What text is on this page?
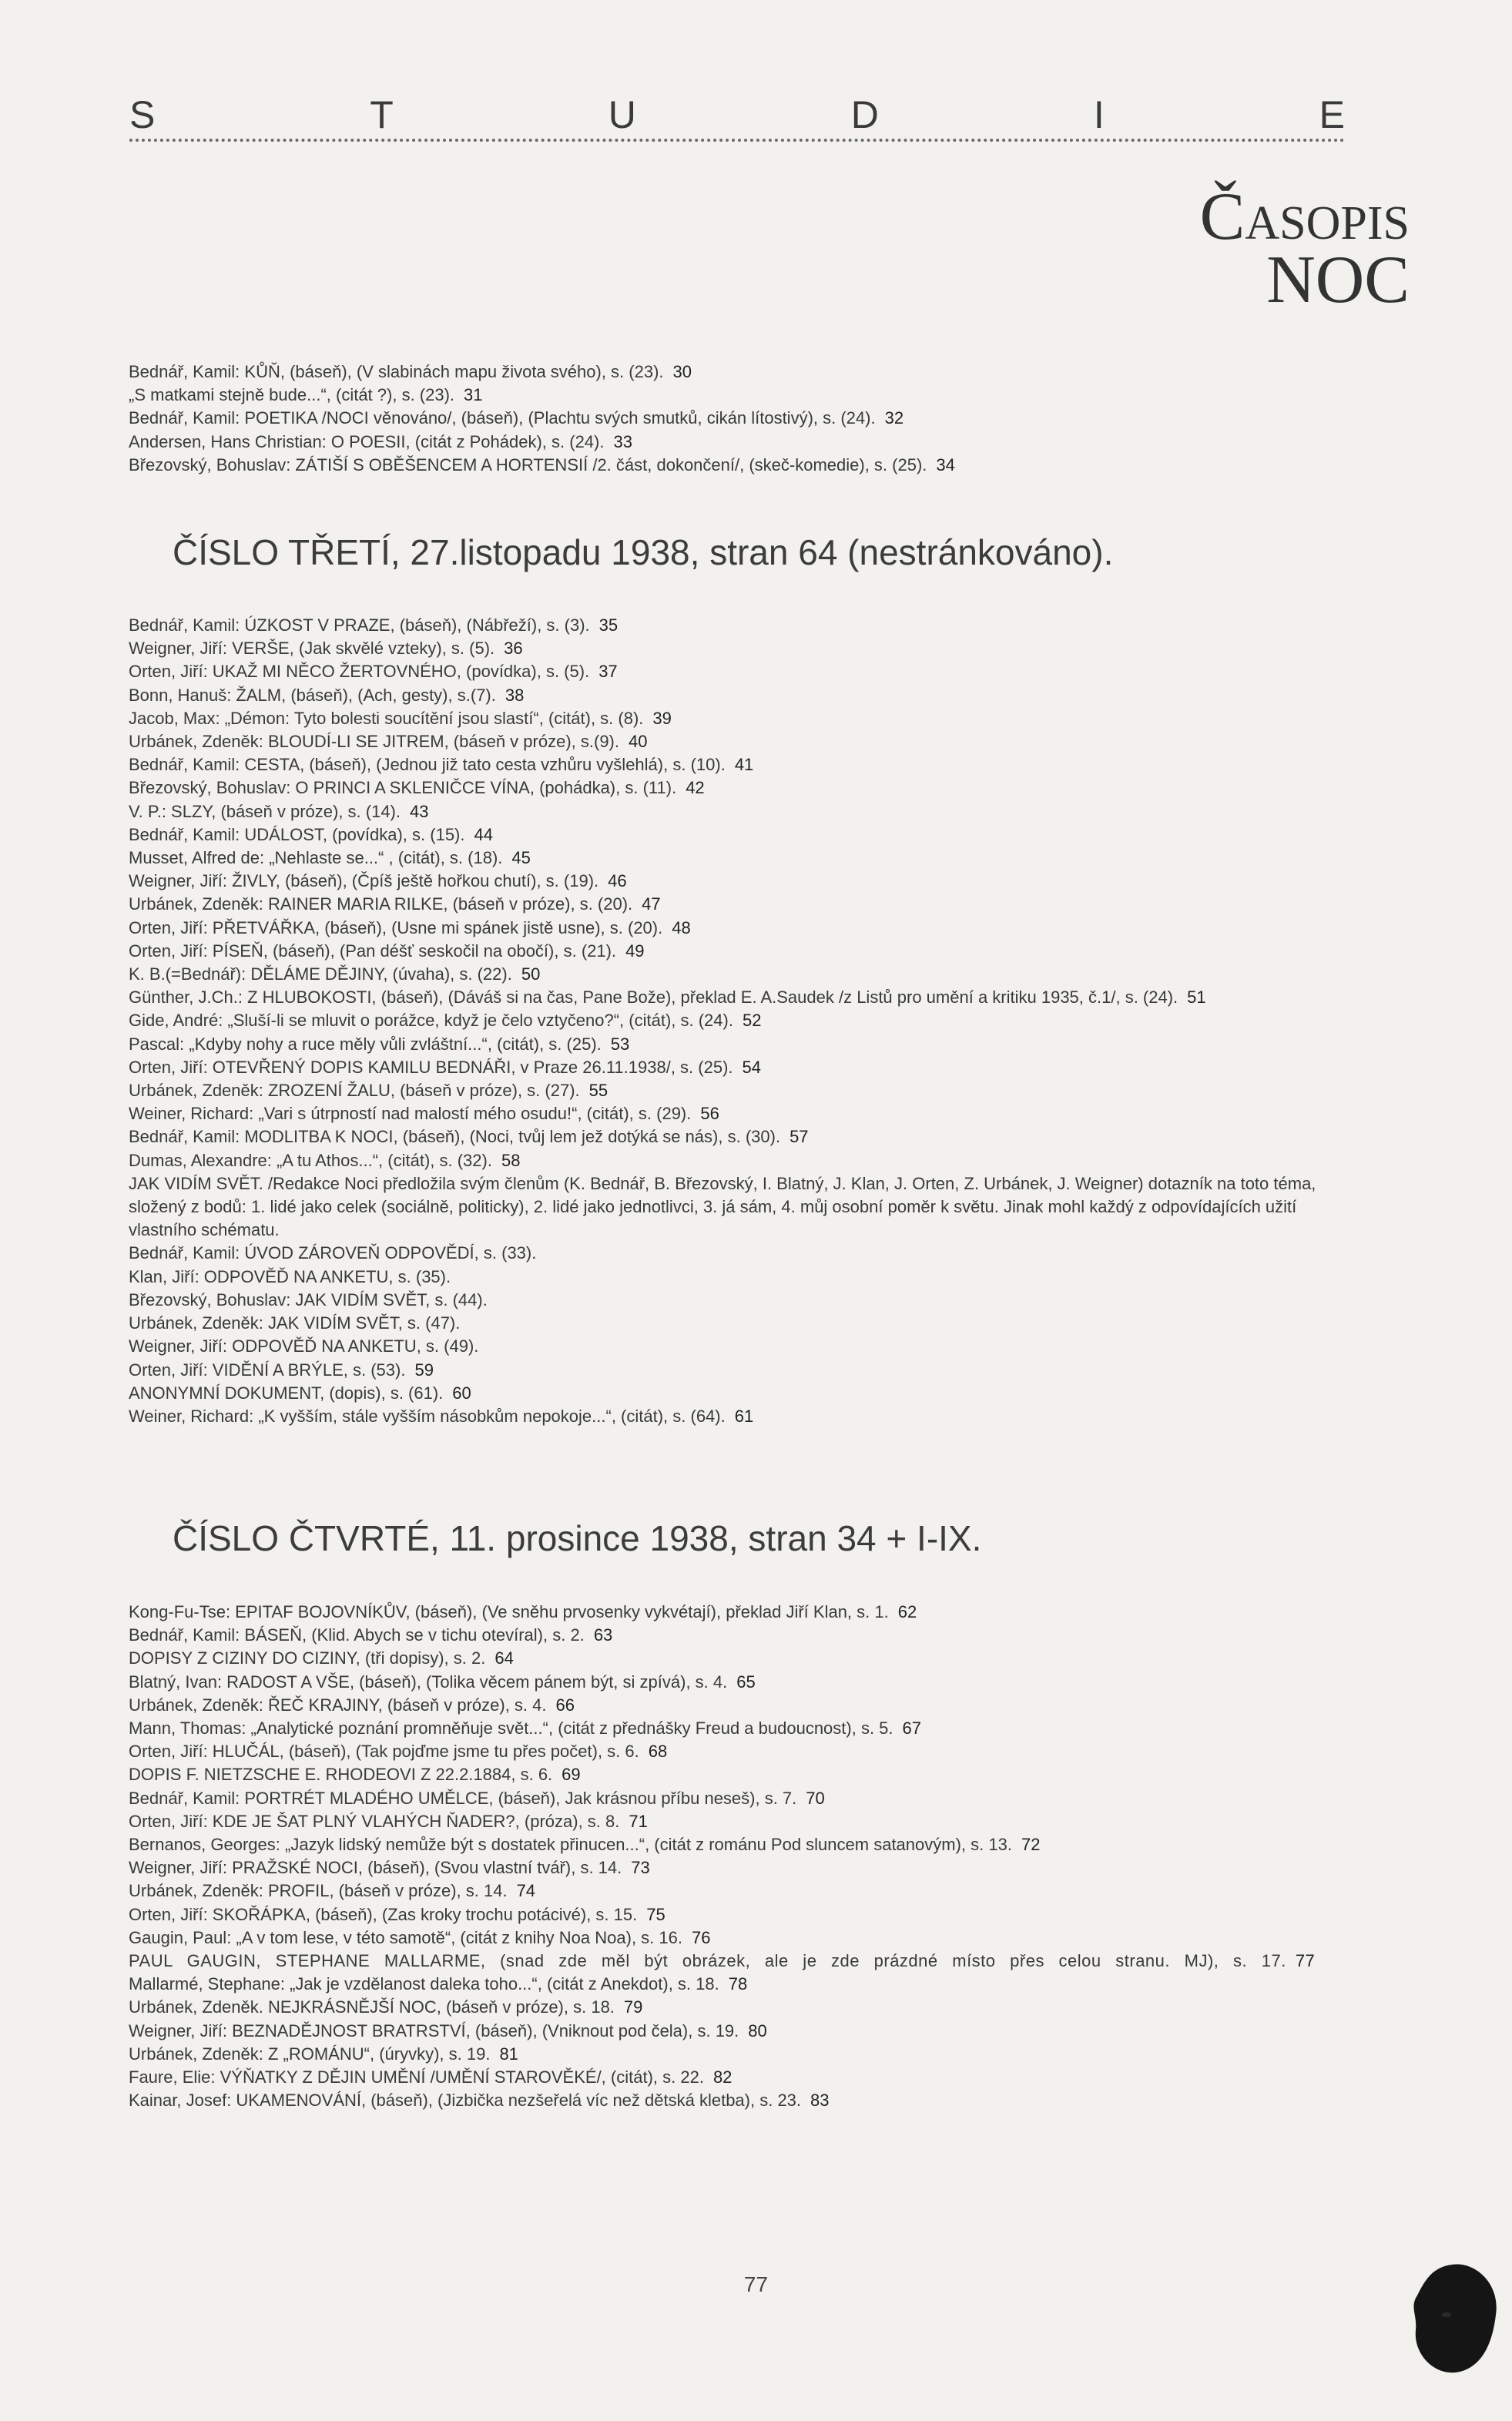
S	T	U	D	I	E
Časopis
NOC
Bednář, Kamil: KŮŇ, (báseň), (V slabinách mapu života svého), s. (23). 30
„S matkami stejně bude...“, (citát ?), s. (23). 31
Bednář, Kamil: POETIKA /NOCI věnováno/, (báseň), (Plachtu svých smutků, cikán lítostivý), s. (24). 32
Andersen, Hans Christian: O POESII, (citát z Pohádek), s. (24). 33
Březovský, Bohuslav: ZÁTIŠÍ S OBĚŠENCEM A HORTENSIÍ /2. část, dokončení/, (skeč-komedie), s. (25). 34
ČÍSLO TŘETÍ, 27.listopadu 1938, stran 64 (nestránkováno).
Bednář, Kamil: ÚZKOST V PRAZE, (báseň), (Nábřeží), s. (3). 35
Weigner, Jiří: VERŠE, (Jak skvělé vzteky), s. (5). 36
Orten, Jiří: UKAŽ MI NĚCO ŽERTOVNÉHO, (povídka), s. (5). 37
Bonn, Hanuš: ŽALM, (báseň), (Ach, gesty), s.(7). 38
Jacob, Max: „Démon: Tyto bolesti soucítění jsou slastí“, (citát), s. (8). 39
Urbánek, Zdeněk: BLOUDÍ-LI SE JITREM, (báseň v próze), s.(9). 40
Bednář, Kamil: CESTA, (báseň), (Jednou již tato cesta vzhůru vyšlehlá), s. (10). 41
Březovský, Bohuslav: O PRINCI A SKLENIČCE VÍNA, (pohádka), s. (11). 42
V. P.: SLZY, (báseň v próze), s. (14). 43
Bednář, Kamil: UDÁLOST, (povídka), s. (15). 44
Musset, Alfred de: „Nehlaste se...“ , (citát), s. (18). 45
Weigner, Jiří: ŽIVLY, (báseň), (Čpíš ještě hořkou chutí), s. (19). 46
Urbánek, Zdeněk: RAINER MARIA RILKE, (báseň v próze), s. (20). 47
Orten, Jiří: PŘETVÁŘKA, (báseň), (Usne mi spánek jistě usne), s. (20). 48
Orten, Jiří: PÍSEŇ, (báseň), (Pan déšť seskočil na obočí), s. (21). 49
K. B.(=Bednář): DĚLÁME DĚJINY, (úvaha), s. (22). 50
Günther, J.Ch.: Z HLUBOKOSTI, (báseň), (Dáváš si na čas, Pane Bože), překlad E. A.Saudek /z Listů pro umění a kritiku 1935, č.1/, s. (24). 51
Gide, André: „Sluší-li se mluvit o porážce, když je čelo vztyčeno?“, (citát), s. (24). 52
Pascal: „Kdyby nohy a ruce měly vůli zvláštní...“, (citát), s. (25). 53
Orten, Jiří: OTEVŘENÝ DOPIS KAMILU BEDNÁŘI, v Praze 26.11.1938/, s. (25). 54
Urbánek, Zdeněk: ZROZENÍ ŽALU, (báseň v próze), s. (27). 55
Weiner, Richard: „Vari s útrpností nad malostí mého osudu!“, (citát), s. (29). 56
Bednář, Kamil: MODLITBA K NOCI, (báseň), (Noci, tvůj lem jež dotýká se nás), s. (30). 57
Dumas, Alexandre: „A tu Athos...“, (citát), s. (32). 58
JAK VIDÍM SVĚT. /Redakce Noci předložila svým členům (K. Bednář, B. Březovský, I. Blatný, J. Klan, J. Orten, Z. Urbánek, J. Weigner) dotazník na toto téma, složený z bodů: 1. lidé jako celek (sociálně, politicky), 2. lidé jako jednotlivci, 3. já sám, 4. můj osobní poměr k světu. Jinak mohl každý z odpovídajících užití vlastního schématu.
Bednář, Kamil: ÚVOD ZÁROVEŇ ODPOVĚDÍ, s. (33).
Klan, Jiří: ODPOVĚĎ NA ANKETU, s. (35).
Březovský, Bohuslav: JAK VIDÍM SVĚT, s. (44).
Urbánek, Zdeněk: JAK VIDÍM SVĚT, s. (47).
Weigner, Jiří: ODPOVĚĎ NA ANKETU, s. (49).
Orten, Jiří: VIDĚNÍ A BRÝLE, s. (53). 59
ANONYMNÍ DOKUMENT, (dopis), s. (61). 60
Weiner, Richard: „K vyšším, stále vyšším násobkům nepokoje...“, (citát), s. (64). 61
ČÍSLO ČTVRTÉ, 11. prosince 1938, stran 34 + I-IX.
Kong-Fu-Tse: EPITAF BOJOVNÍKŮV, (báseň), (Ve sněhu prvosenky vykvétají), překlad Jiří Klan, s. 1. 62
Bednář, Kamil: BÁSEŇ, (Klid. Abych se v tichu otevíral), s. 2. 63
DOPISY Z CIZINY DO CIZINY, (tři dopisy), s. 2. 64
Blatný, Ivan: RADOST A VŠE, (báseň), (Tolika věcem pánem být, si zpívá), s. 4. 65
Urbánek, Zdeněk: ŘEČ KRAJINY, (báseň v próze), s. 4. 66
Mann, Thomas: „Analytické poznání promněňuje svět...“, (citát z přednášky Freud a budoucnost), s. 5. 67
Orten, Jiří: HLUČÁL, (báseň), (Tak pojďme jsme tu přes počet), s. 6. 68
DOPIS F. NIETZSCHE E. RHODEOVI Z 22.2.1884, s. 6. 69
Bednář, Kamil: PORTRÉT MLADÉHO UMĚLCE, (báseň), Jak krásnou příbu neseš), s. 7. 70
Orten, Jiří: KDE JE ŠAT PLNÝ VLAHÝCH ŇADER?, (próza), s. 8. 71
Bernanos, Georges: „Jazyk lidský nemůže být s dostatek přinucen...“, (citát z románu Pod sluncem satanovým), s. 13. 72
Weigner, Jiří: PRAŽSKÉ NOCI, (báseň), (Svou vlastní tvář), s. 14. 73
Urbánek, Zdeněk: PROFIL, (báseň v próze), s. 14. 74
Orten, Jiří: SKOŘÁPKA, (báseň), (Zas kroky trochu potácivé), s. 15. 75
Gaugin, Paul: „A v tom lese, v této samotě“, (citát z knihy Noa Noa), s. 16. 76
PAUL GAUGIN, STEPHANE MALLARME, (snad zde měl být obrázek, ale je zde prázdné místo přes celou stranu. MJ), s. 17. 77
Mallarmé, Stephane: „Jak je vzdělanost daleka toho...“, (citát z Anekdot), s. 18. 78
Urbánek, Zdeněk. NEJKRÁSNĚJŠÍ NOC, (báseň v próze), s. 18. 79
Weigner, Jiří: BEZNADĚJNOST BRATRSTVÍ, (báseň), (Vniknout pod čela), s. 19. 80
Urbánek, Zdeněk: Z „ROMÁNU“, (úryvky), s. 19. 81
Faure, Elie: VÝŇATKY Z DĚJIN UMĚNÍ /UMĚNÍ STAROVĚKÉ/, (citát), s. 22. 82
Kainar, Josef: UKAMENOVÁNÍ, (báseň), (Jizbička nezšeřelá víc než dětská kletba), s. 23. 83
77
